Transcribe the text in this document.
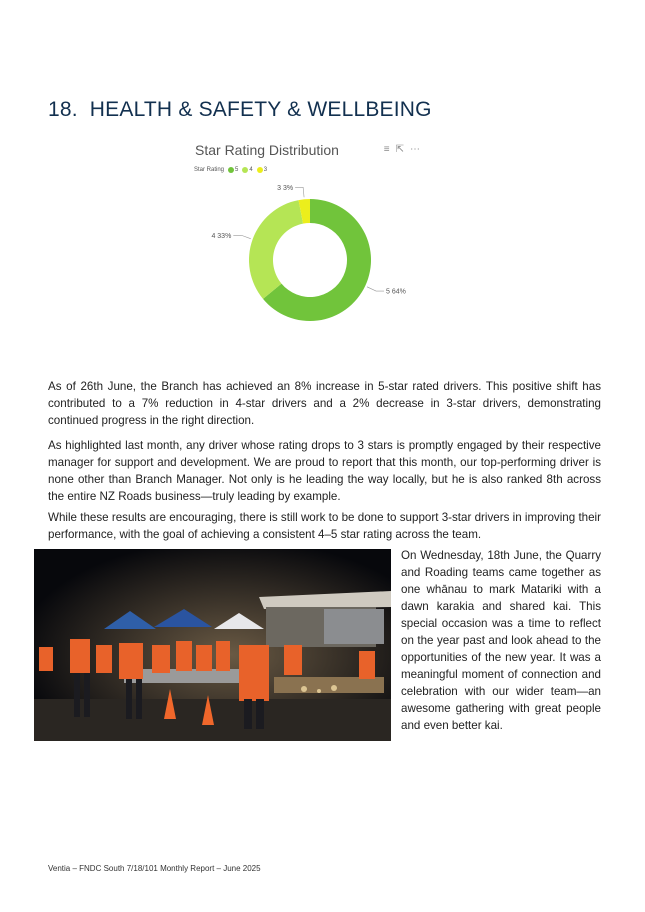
18. HEALTH & SAFETY & WELLBEING
Star Rating Distribution	≡⇱⋯
Star Rating 5 4 3
5 64%
4 33%
3 3%
As of 26th June, the Branch has achieved an 8% increase in 5-star rated drivers. This positive shift has contributed to a 7% reduction in 4-star drivers and a 2% decrease in 3-star drivers, demonstrating continued progress in the right direction.
As highlighted last month, any driver whose rating drops to 3 stars is promptly engaged by their respective manager for support and development. We are proud to report that this month, our top-performing driver is none other than Branch Manager. Not only is he leading the way locally, but he is also ranked 8th across the entire NZ Roads business—truly leading by example.
While these results are encouraging, there is still work to be done to support 3-star drivers in improving their performance, with the goal of achieving a consistent 4–5 star rating across the team.
On Wednesday, 18th June, the Quarry and Roading teams came together as one whānau to mark Matariki with a dawn karakia and shared kai. This special occasion was a time to reflect on the year past and look ahead to the opportunities of the new year. It was a meaningful moment of connection and celebration with our wider team—an awesome gathering with great people and even better kai.
Ventia – FNDC South 7/18/101 Monthly Report – June 2025
